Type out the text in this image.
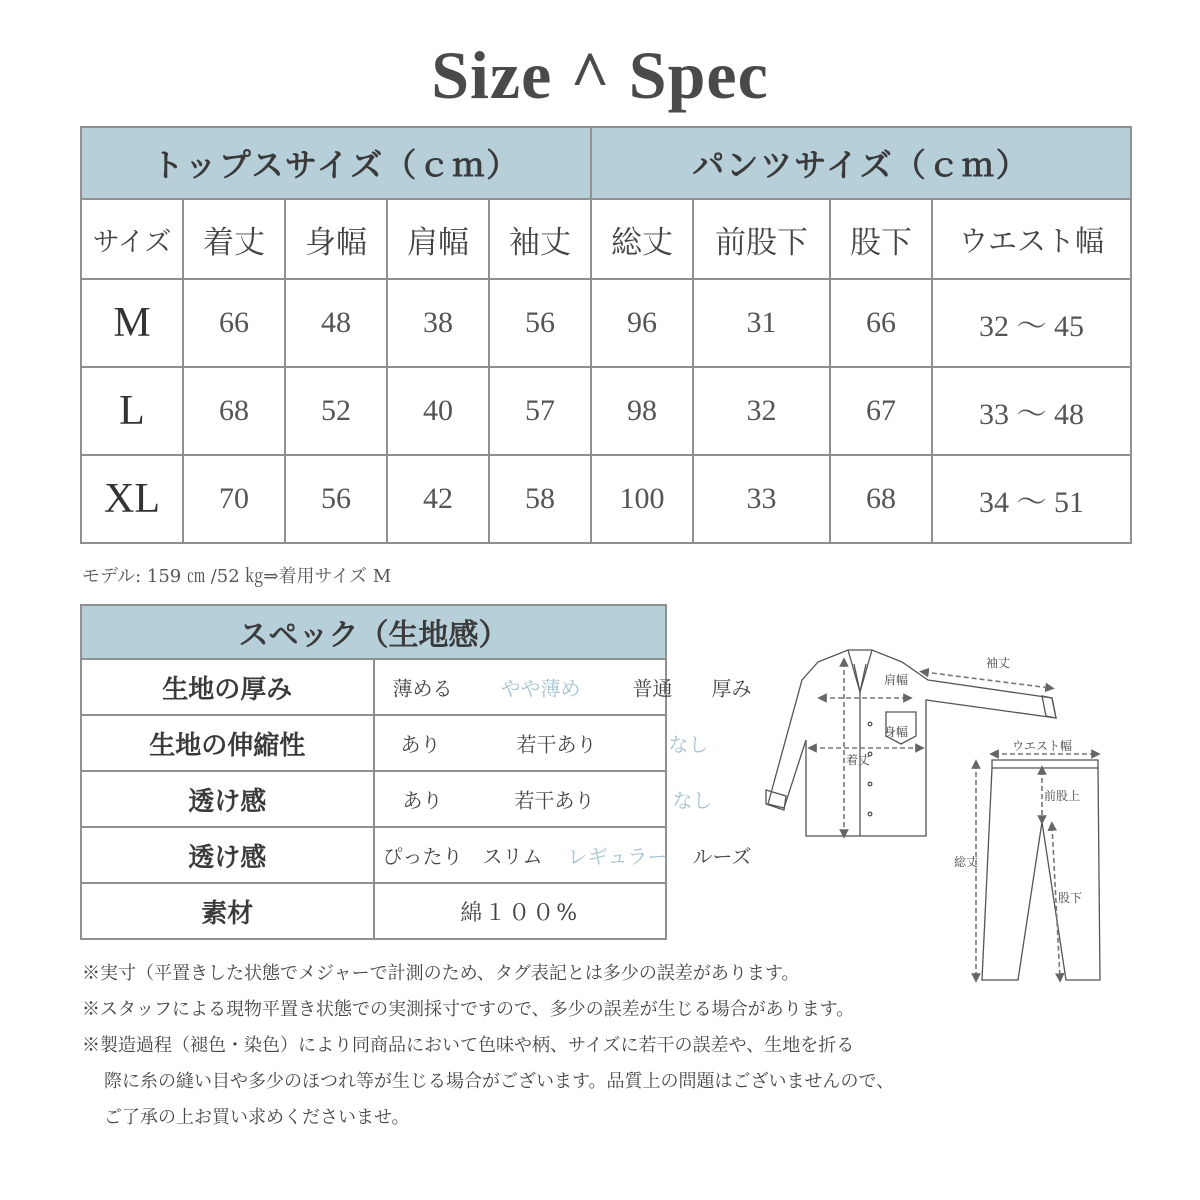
Size ^ Spec
トップスサイズ（ｃｍ）					パンツサイズ（ｃｍ）			
サイズ	着丈	身幅	肩幅	袖丈	総丈	前股下	股下	ウエスト幅
M	66	48	38	56	96	31	66	32 ～ 45
L	68	52	40	57	98	32	67	33 ～ 48
XL	70	56	42	58	100	33	68	34 ～ 51
モデル: 159 ㎝ /52 ㎏⇒着用サイズ M
スペック（生地感）	
生地の厚み	薄める やや薄め 普通 厚み

生地の伸縮性	あり 若干あり なし

透け感	あり 若干あり なし

透け感	ぴったり スリム レギュラー ルーズ

素材	綿１００%
袖丈
肩幅
身幅
着丈
ウエスト幅
前股上
総丈
股下
※実寸（平置きした状態でメジャーで計測のため、タグ表記とは多少の誤差があります。
※スタッフによる現物平置き状態での実測採寸ですので、多少の誤差が生じる場合があります。
※製造過程（褪色・染色）により同商品において色味や柄、サイズに若干の誤差や、生地を折る
際に糸の縫い目や多少のほつれ等が生じる場合がございます。品質上の問題はございませんので、
ご了承の上お買い求めくださいませ。
